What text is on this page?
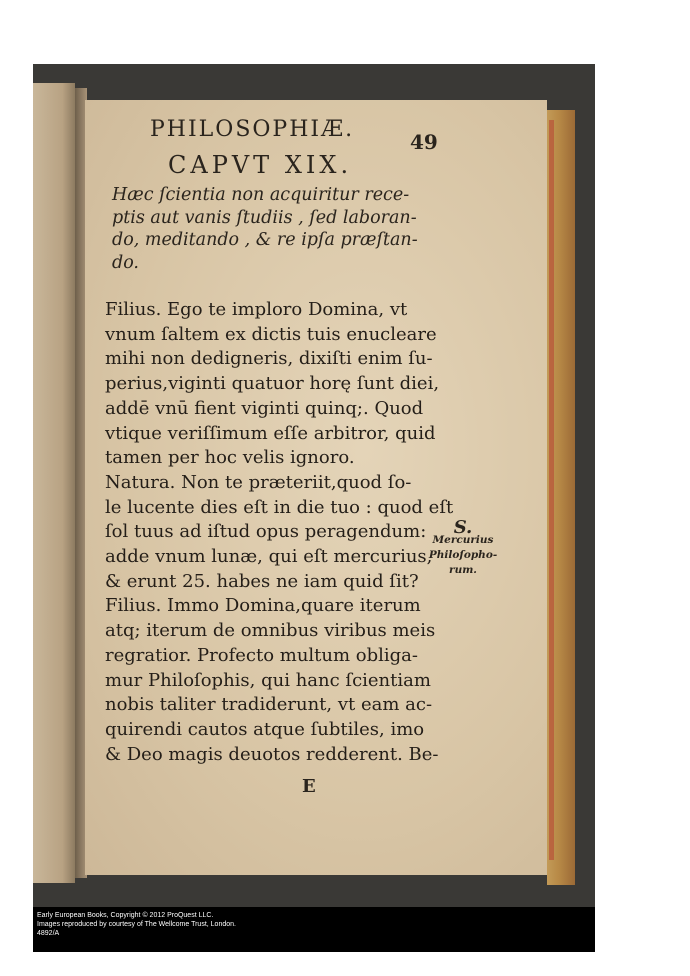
PHILOSOPHIÆ.	49
CAPVT XIX.
Hæc ſcientia non acquiritur rece-
ptis aut vanis ſtudiis , ſed laboran-
do, meditando , & re ipſa præſtan-
do.
Filius. Ego te imploro Domina, vt
vnum ſaltem ex dictis tuis enucleare
mihi non dedigneris, dixiſti enim ſu-
perius,viginti quatuor horę ſunt diei,
addē vnū fient viginti quinq;. Quod
vtique veriſſimum eſſe arbitror, quid
tamen per hoc velis ignoro.
Natura. Non te præteriit,quod ſo-
le lucente dies eſt in die tuo : quod eſt
ſol tuus ad iſtud opus peragendum:
adde vnum lunæ, qui eſt mercurius,
& erunt 25. habes ne iam quid ſit?
Filius. Immo Domina,quare iterum
atq; iterum de omnibus viribus meis
regratior. Profecto multum obliga-
mur Philoſophis, qui hanc ſcientiam
nobis taliter tradiderunt, vt eam ac-
quirendi cautos atque ſubtiles, imo
& Deo magis deuotos redderent. Be-
S.
Mercurius
Philoſopho-
rum.
E
Early European Books, Copyright © 2012 ProQuest LLC.
Images reproduced by courtesy of The Wellcome Trust, London.
4892/A
